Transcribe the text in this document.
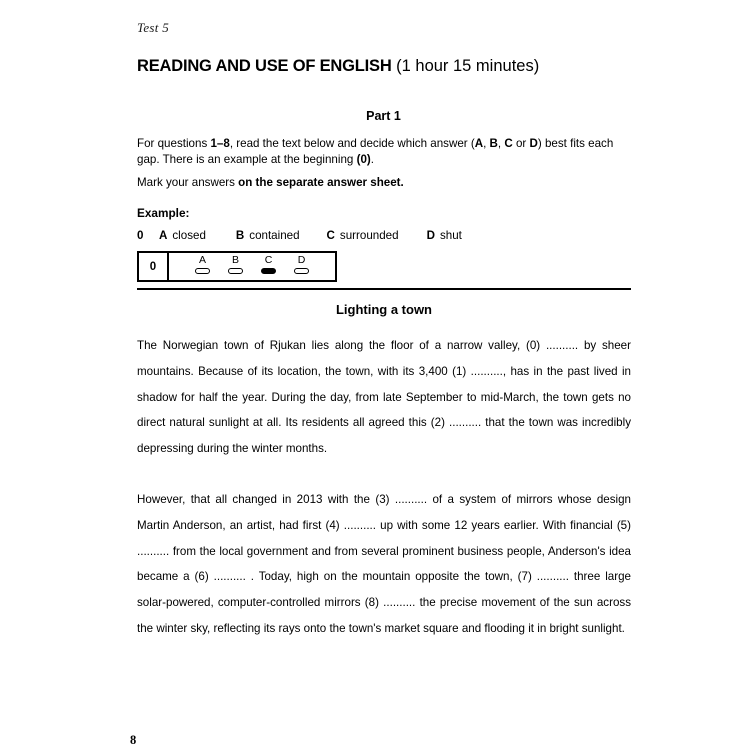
Test 5
READING AND USE OF ENGLISH (1 hour 15 minutes)
Part 1

For questions 1–8, read the text below and decide which answer (A, B, C or D) best fits each gap. There is an example at the beginning (0).

Mark your answers on the separate answer sheet.
Example:
0 A closed	B contained C surrounded D shut
0
A B C D
Lighting a town

The Norwegian town of Rjukan lies along the floor of a narrow valley, (0) .......... by sheer mountains. Because of its location, the town, with its 3,400 (1) .........., has in the past lived in shadow for half the year. During the day, from late September to mid-March, the town gets no direct natural sunlight at all. Its residents all agreed this (2) .......... that the town was incredibly depressing during the winter months.

However, that all changed in 2013 with the (3) .......... of a system of mirrors whose design Martin Anderson, an artist, had first (4) .......... up with some 12 years earlier. With financial (5) .......... from the local government and from several prominent business people, Anderson's idea became a (6) .......... . Today, high on the mountain opposite the town, (7) .......... three large solar-powered, computer-controlled mirrors (8) .......... the precise movement of the sun across the winter sky, reflecting its rays onto the town's market square and flooding it in bright sunlight.

8
